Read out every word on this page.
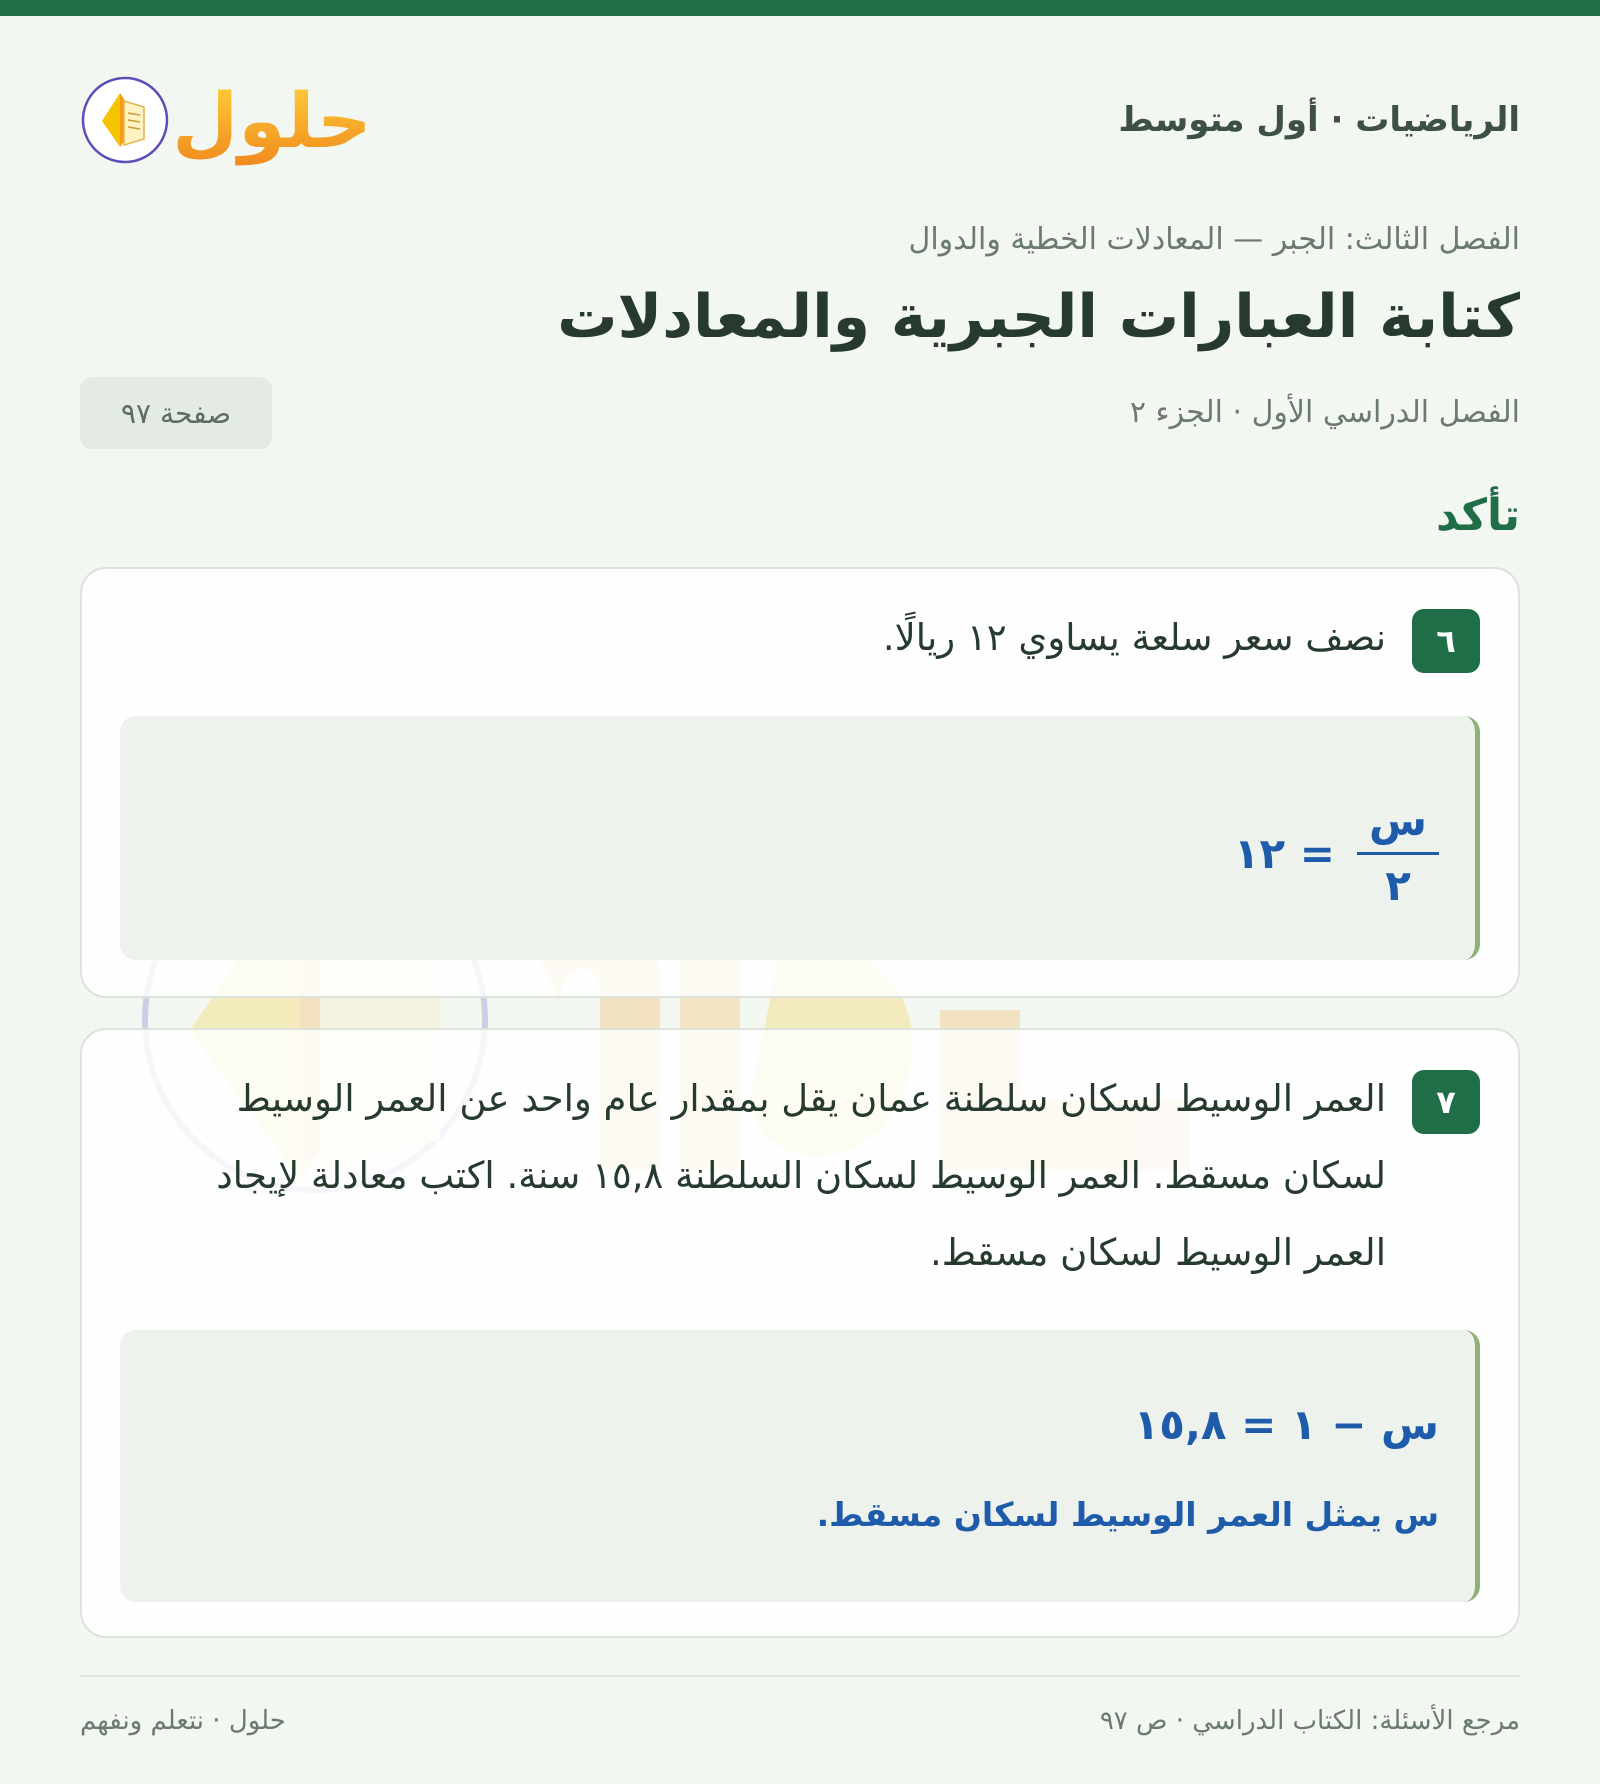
الرياضيات · أول متوسط
حلول
الفصل الثالث: الجبر — المعادلات الخطية والدوال
كتابة العبارات الجبرية والمعادلات
الفصل الدراسي الأول · الجزء ٢
صفحة ٩٧
تأكد
٦
نصف سعر سلعة يساوي ١٢ ريالًا.
$\frac{\text{س}}{٢}$
= ١٢
٧
العمر الوسيط لسكان سلطنة عمان يقل بمقدار عام واحد عن العمر الوسيط لسكان مسقط. العمر الوسيط لسكان السلطنة ١٥,٨ سنة. اكتب معادلة لإيجاد العمر الوسيط لسكان مسقط.
س − ١ = ١٥,٨
س يمثل العمر الوسيط لسكان مسقط.
مرجع الأسئلة: الكتاب الدراسي · ص ٩٧
حلول · نتعلم ونفهم
